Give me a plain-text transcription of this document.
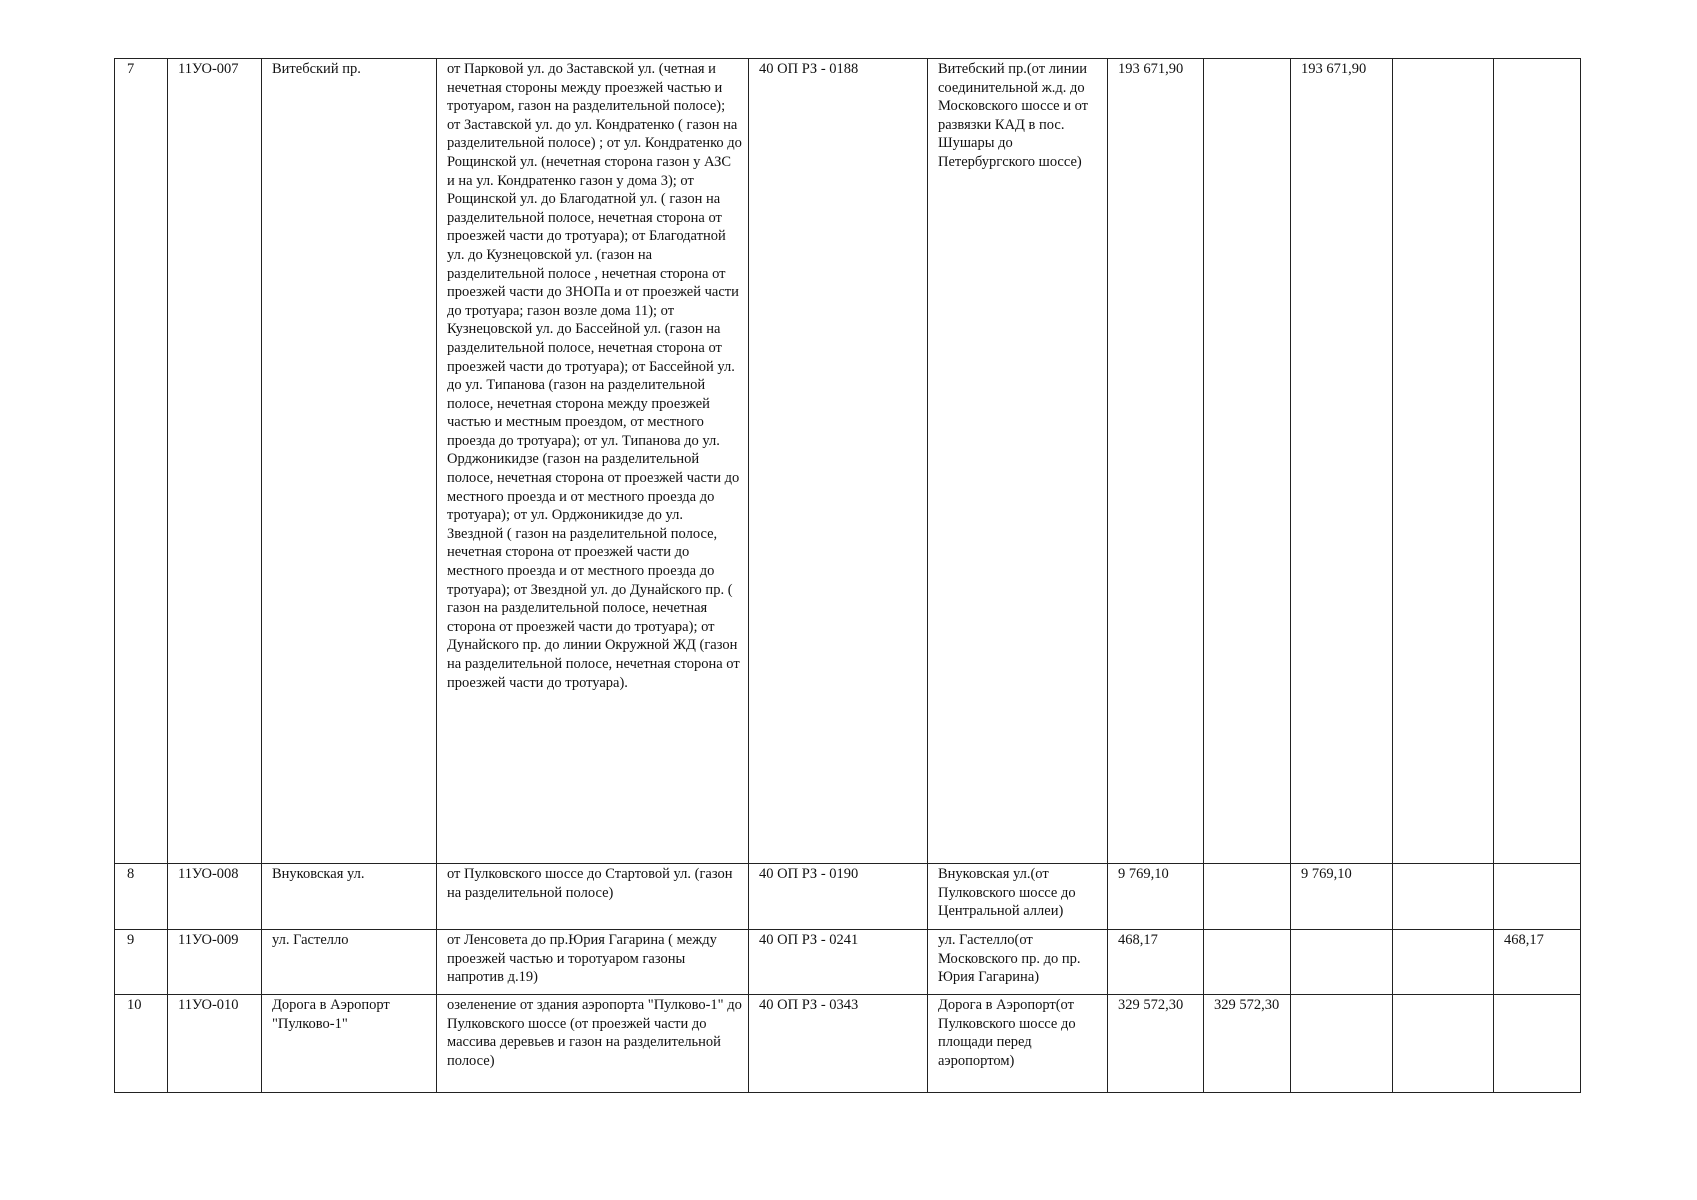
7	11УО-007	Витебский пр.	от Парковой ул. до Заставской ул. (четная и нечетная стороны между проезжей частью и тротуаром, газон на разделительной полосе); от Заставской ул. до ул. Кондратенко ( газон на разделительной полосе) ; от ул. Кондратенко до Рощинской ул. (нечетная сторона газон у АЗС и на ул. Кондратенко газон у дома 3); от Рощинской ул. до Благодатной ул. ( газон на разделительной полосе, нечетная сторона от проезжей части до тротуара); от Благодатной ул. до Кузнецовской ул. (газон на разделительной полосе , нечетная сторона от проезжей части до ЗНОПа и от проезжей части до тротуара; газон возле дома 11); от Кузнецовской ул. до Бассейной ул. (газон на разделительной полосе, нечетная сторона от проезжей части до тротуара); от Бассейной ул. до ул. Типанова (газон на разделительной полосе, нечетная сторона между проезжей частью и местным проездом, от местного проезда до тротуара); от ул. Типанова до ул. Орджоникидзе (газон на разделительной полосе, нечетная сторона от проезжей части до местного проезда и от местного проезда до тротуара); от ул. Орджоникидзе до ул. Звездной ( газон на разделительной полосе, нечетная сторона от проезжей части до местного проезда и от местного проезда до тротуара); от Звездной ул. до Дунайского пр. ( газон на разделительной полосе, нечетная сторона от проезжей части до тротуара); от Дунайского пр. до линии Окружной ЖД (газон на разделительной полосе, нечетная сторона от проезжей части до тротуара).	40 ОП РЗ - 0188	Витебский пр.(от линии соединительной ж.д. до Московского шоссе и от развязки КАД в пос. Шушары до Петербургского шоссе)	193 671,90		193 671,90		
8	11УО-008	Внуковская ул.	от Пулковского шоссе до Стартовой ул. (газон на разделительной полосе)	40 ОП РЗ - 0190	Внуковская ул.(от Пулковского шоссе до Центральной аллеи)	9 769,10		9 769,10		
9	11УО-009	ул. Гастелло	от Ленсовета до пр.Юрия Гагарина ( между проезжей частью и торотуаром газоны напротив д.19)	40 ОП РЗ - 0241	ул. Гастелло(от Московского пр. до пр. Юрия Гагарина)	468,17				468,17
10	11УО-010	Дорога в Аэропорт "Пулково-1"	озеленение от здания аэропорта "Пулково-1" до Пулковского шоссе (от проезжей части до массива деревьев и газон на разделительной полосе)	40 ОП РЗ - 0343	Дорога в Аэропорт(от Пулковского шоссе до площади перед аэропортом)	329 572,30	329 572,30			
